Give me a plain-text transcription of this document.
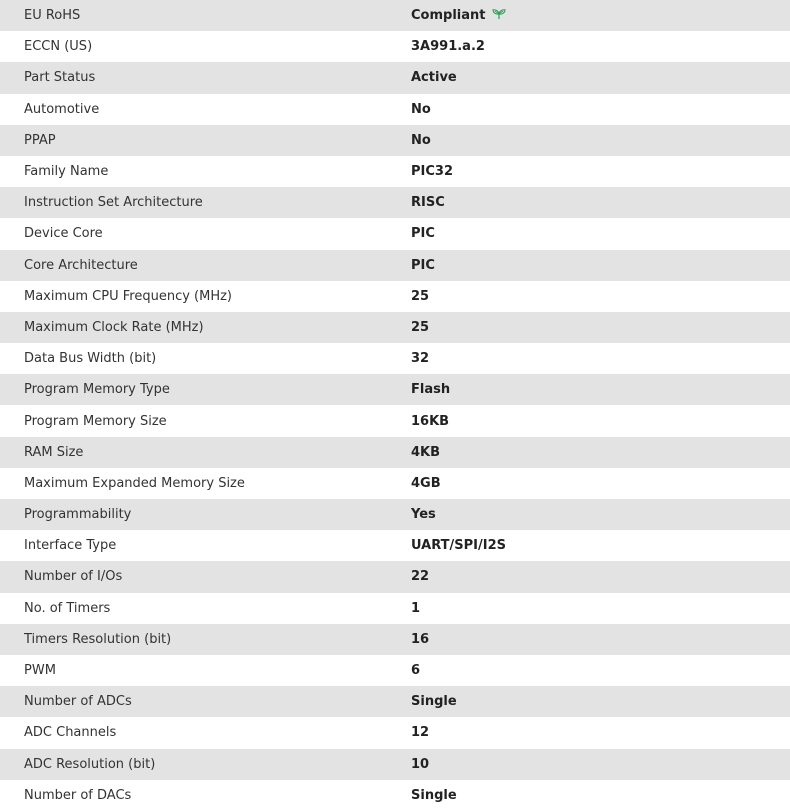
EU RoHS	Compliant
ECCN (US)	3A991.a.2
Part Status	Active
Automotive	No
PPAP	No
Family Name	PIC32
Instruction Set Architecture	RISC
Device Core	PIC
Core Architecture	PIC
Maximum CPU Frequency (MHz)	25
Maximum Clock Rate (MHz)	25
Data Bus Width (bit)	32
Program Memory Type	Flash
Program Memory Size	16KB
RAM Size	4KB
Maximum Expanded Memory Size	4GB
Programmability	Yes
Interface Type	UART/SPI/I2S
Number of I/Os	22
No. of Timers	1
Timers Resolution (bit)	16
PWM	6
Number of ADCs	Single
ADC Channels	12
ADC Resolution (bit)	10
Number of DACs	Single
